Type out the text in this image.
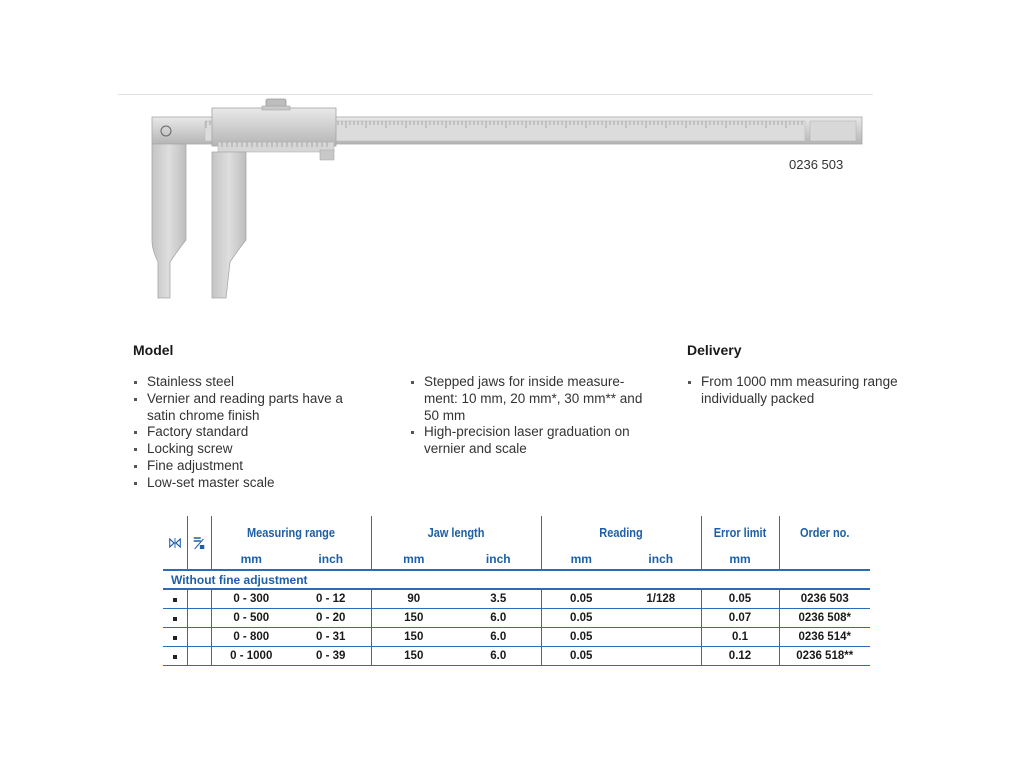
0236 503
Model
Stainless steel
Vernier and reading parts have a satin chrome finish
Factory standard
Locking screw
Fine adjustment
Low-set master scale
Stepped jaws for inside measure-ment: 10 mm, 20 mm*, 30 mm** and 50 mm
High-precision laser graduation on vernier and scale
Delivery
From 1000 mm measuring range individually packed

	Measuring range		Jaw length		Reading		Error limit	Order no.
		mm	inch	mm	inch	mm	inch	mm	
Without fine adjustment									
		0 - 300	0 - 12	90	3.5	0.05	1/128	0.05	0236 503
		0 - 500	0 - 20	150	6.0	0.05		0.07	0236 508*
		0 - 800	0 - 31	150	6.0	0.05		0.1	0236 514*
		0 - 1000	0 - 39	150	6.0	0.05		0.12	0236 518**
